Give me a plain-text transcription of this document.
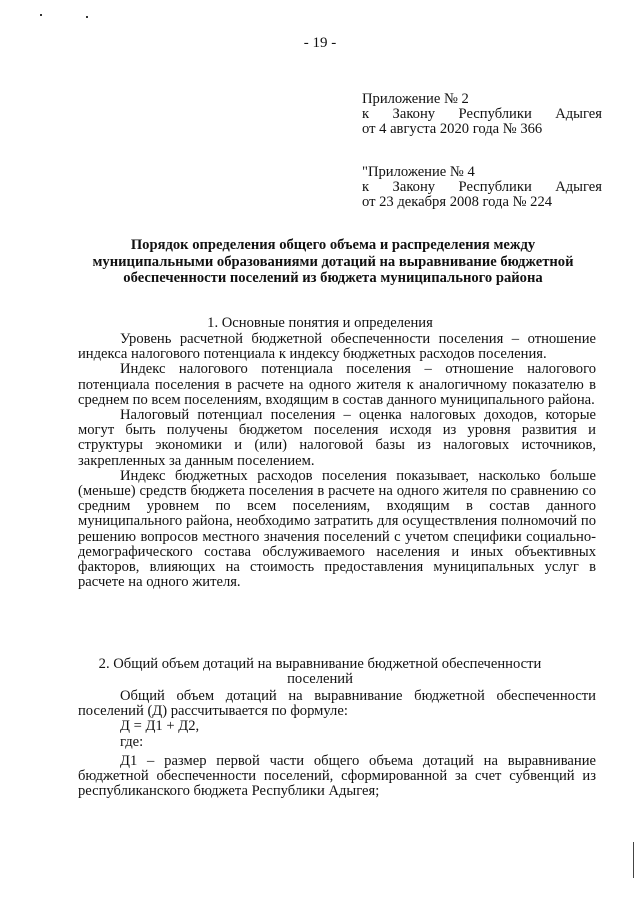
- 19 -
Приложение № 2
к Закону Республики Адыгея
от 4 августа 2020 года № 366
"Приложение № 4
к Закону Республики Адыгея
от 23 декабря 2008 года № 224
Порядок определения общего объема и распределения между
муниципальными образованиями дотаций на выравнивание бюджетной
обеспеченности поселений из бюджета муниципального района
1. Основные понятия и определения

Уровень расчетной бюджетной обеспеченности поселения – отношение индекса налогового потенциала к индексу бюджетных расходов поселения.

Индекс налогового потенциала поселения – отношение налогового потенциала поселения в расчете на одного жителя к аналогичному показателю в среднем по всем поселениям, входящим в состав данного муниципального района.

Налоговый потенциал поселения – оценка налоговых доходов, которые могут быть получены бюджетом поселения исходя из уровня развития и структуры экономики и (или) налоговой базы из налоговых источников, закрепленных за данным поселением.

Индекс бюджетных расходов поселения показывает, насколько больше (меньше) средств бюджета поселения в расчете на одного жителя по сравнению со средним уровнем по всем поселениям, входящим в состав данного муниципального района, необходимо затратить для осуществления полномочий по решению вопросов местного значения поселений с учетом специфики социально-демографического состава обслуживаемого населения и иных объективных факторов, влияющих на стоимость предоставления муниципальных услуг в расчете на одного жителя.

2. Общий объем дотаций на выравнивание бюджетной обеспеченности
поселений

Общий объем дотаций на выравнивание бюджетной обеспеченности поселений (Д) рассчитывается по формуле:

Д = Д1 + Д2,

где:

Д1 – размер первой части общего объема дотаций на выравнивание бюджетной обеспеченности поселений, сформированной за счет субвенций из республиканского бюджета Республики Адыгея;
